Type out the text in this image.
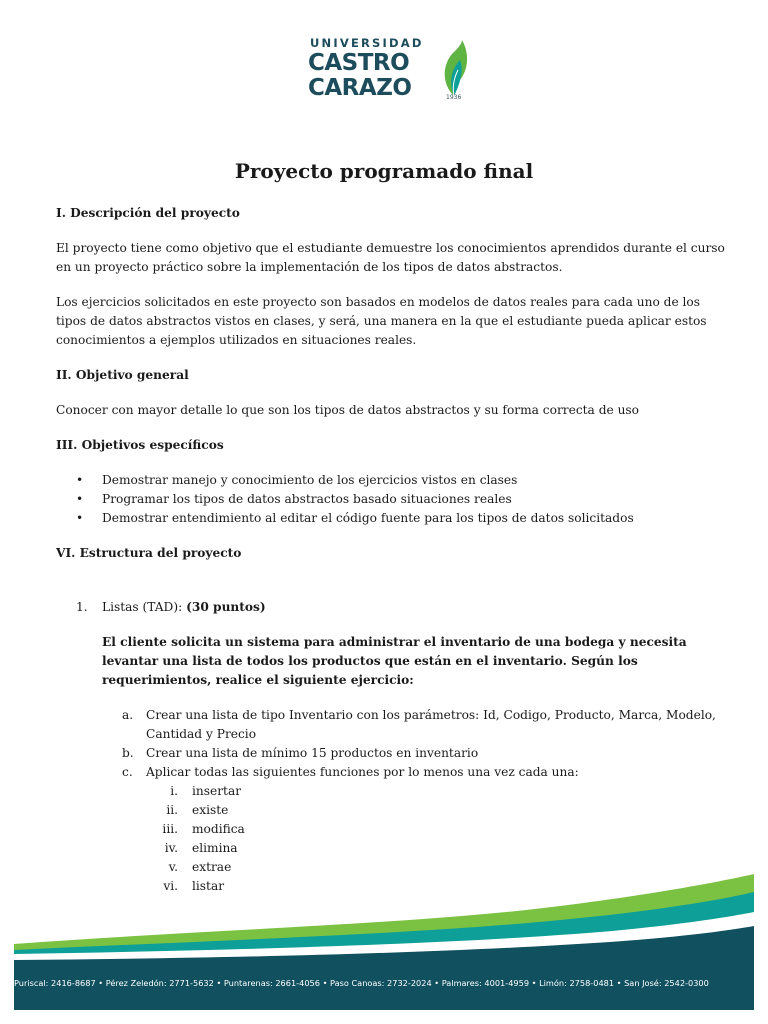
UNIVERSIDAD
CASTRO
CARAZO	1936
Proyecto programado final

I. Descripción del proyecto

El proyecto tiene como objetivo que el estudiante demuestre los conocimientos aprendidos durante el curso en un proyecto práctico sobre la implementación de los tipos de datos abstractos.

Los ejercicios solicitados en este proyecto son basados en modelos de datos reales para cada uno de los tipos de datos abstractos vistos en clases, y será, una manera en la que el estudiante pueda aplicar estos conocimientos a ejemplos utilizados en situaciones reales.

II. Objetivo general

Conocer con mayor detalle lo que son los tipos de datos abstractos y su forma correcta de uso

III. Objetivos específicos

• Demostrar manejo y conocimiento de los ejercicios vistos en clases

• Programar los tipos de datos abstractos basado situaciones reales

• Demostrar entendimiento al editar el código fuente para los tipos de datos solicitados

VI. Estructura del proyecto

1. Listas (TAD): (30 puntos)

El cliente solicita un sistema para administrar el inventario de una bodega y necesita levantar una lista de todos los productos que están en el inventario. Según los requerimientos, realice el siguiente ejercicio:

a. Crear una lista de tipo Inventario con los parámetros: Id, Codigo, Producto, Marca, Modelo, Cantidad y Precio

b. Crear una lista de mínimo 15 productos en inventario

c. Aplicar todas las siguientes funciones por lo menos una vez cada una:

i. insertar

ii. existe

iii. modifica

iv. elimina

v. extrae

vi. listar

Puriscal: 2416-8687 • Pérez Zeledón: 2771-5632 • Puntarenas: 2661-4056 • Paso Canoas: 2732-2024 • Palmares: 4001-4959 • Limón: 2758-0481 • San José: 2542-0300
